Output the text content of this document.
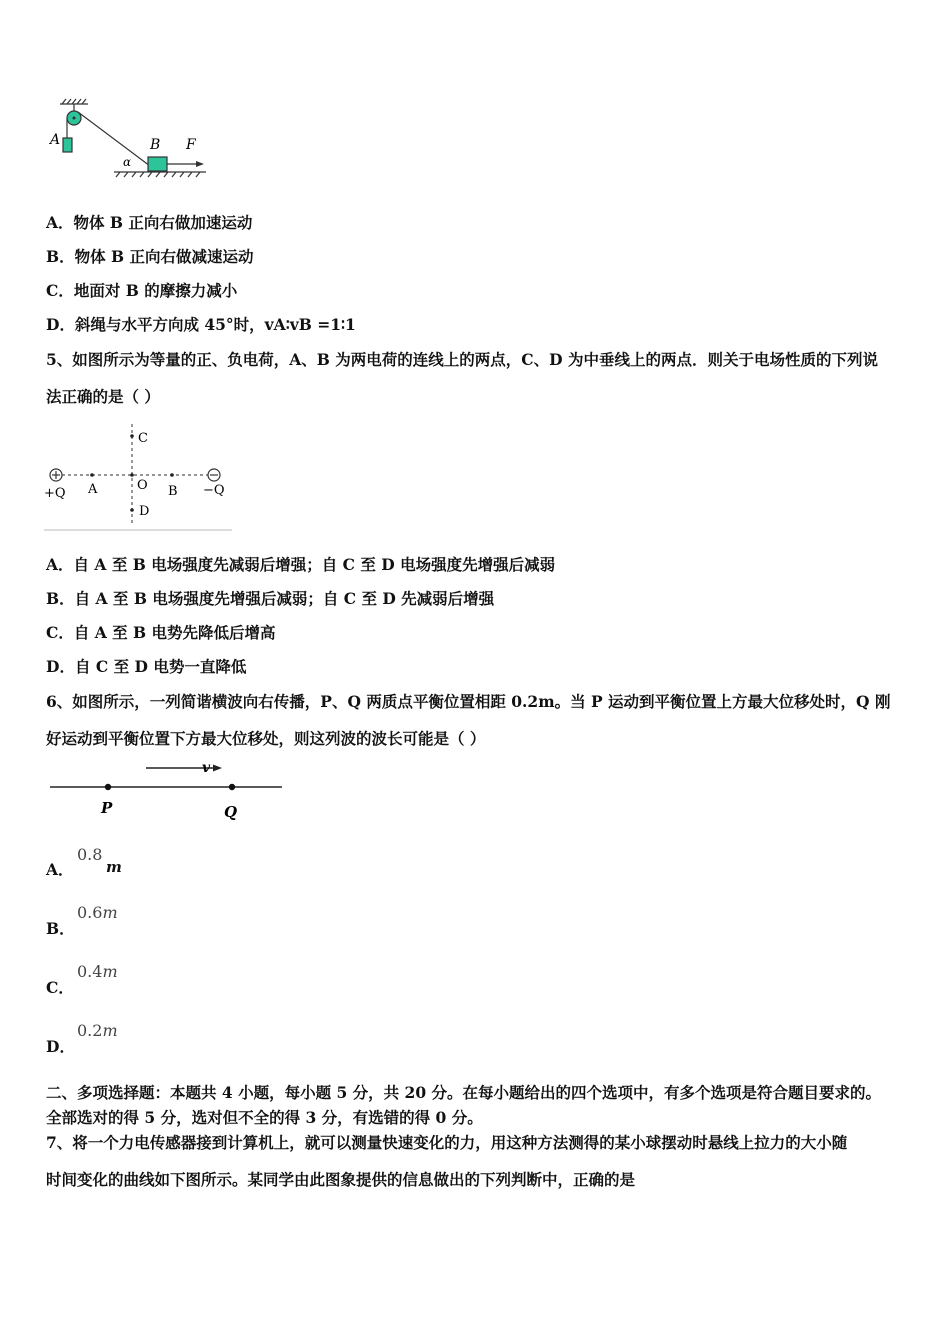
A	B F
α
A．物体 B 正向右做加速运动
B．物体 B 正向右做减速运动
C．地面对 B 的摩擦力减小
D．斜绳与水平方向成 45°时，vA∶vB =1∶1
5、如图所示为等量的正、负电荷，A、B 为两电荷的连线上的两点，C、D 为中垂线上的两点．则关于电场性质的下列说
法正确的是（ ）
C
+Q A	O B −Q
D
A．自 A 至 B 电场强度先减弱后增强；自 C 至 D 电场强度先增强后减弱
B．自 A 至 B 电场强度先增强后减弱；自 C 至 D 先减弱后增强
C．自 A 至 B 电势先降低后增高
D．自 C 至 D 电势一直降低
6、如图所示，一列简谐横波向右传播，P、Q 两质点平衡位置相距 0.2m。当 P 运动到平衡位置上方最大位移处时，Q 刚
好运动到平衡位置下方最大位移处，则这列波的波长可能是（ ）
v
P	Q
A．
0.8
m
B．
0.6m
C．
0.4m
D．
0.2m
二、多项选择题：本题共 4 小题，每小题 5 分，共 20 分。在每小题给出的四个选项中，有多个选项是符合题目要求的。
全部选对的得 5 分，选对但不全的得 3 分，有选错的得 0 分。
7、将一个力电传感器接到计算机上，就可以测量快速变化的力，用这种方法测得的某小球摆动时悬线上拉力的大小随
时间变化的曲线如下图所示。某同学由此图象提供的信息做出的下列判断中，正确的是
